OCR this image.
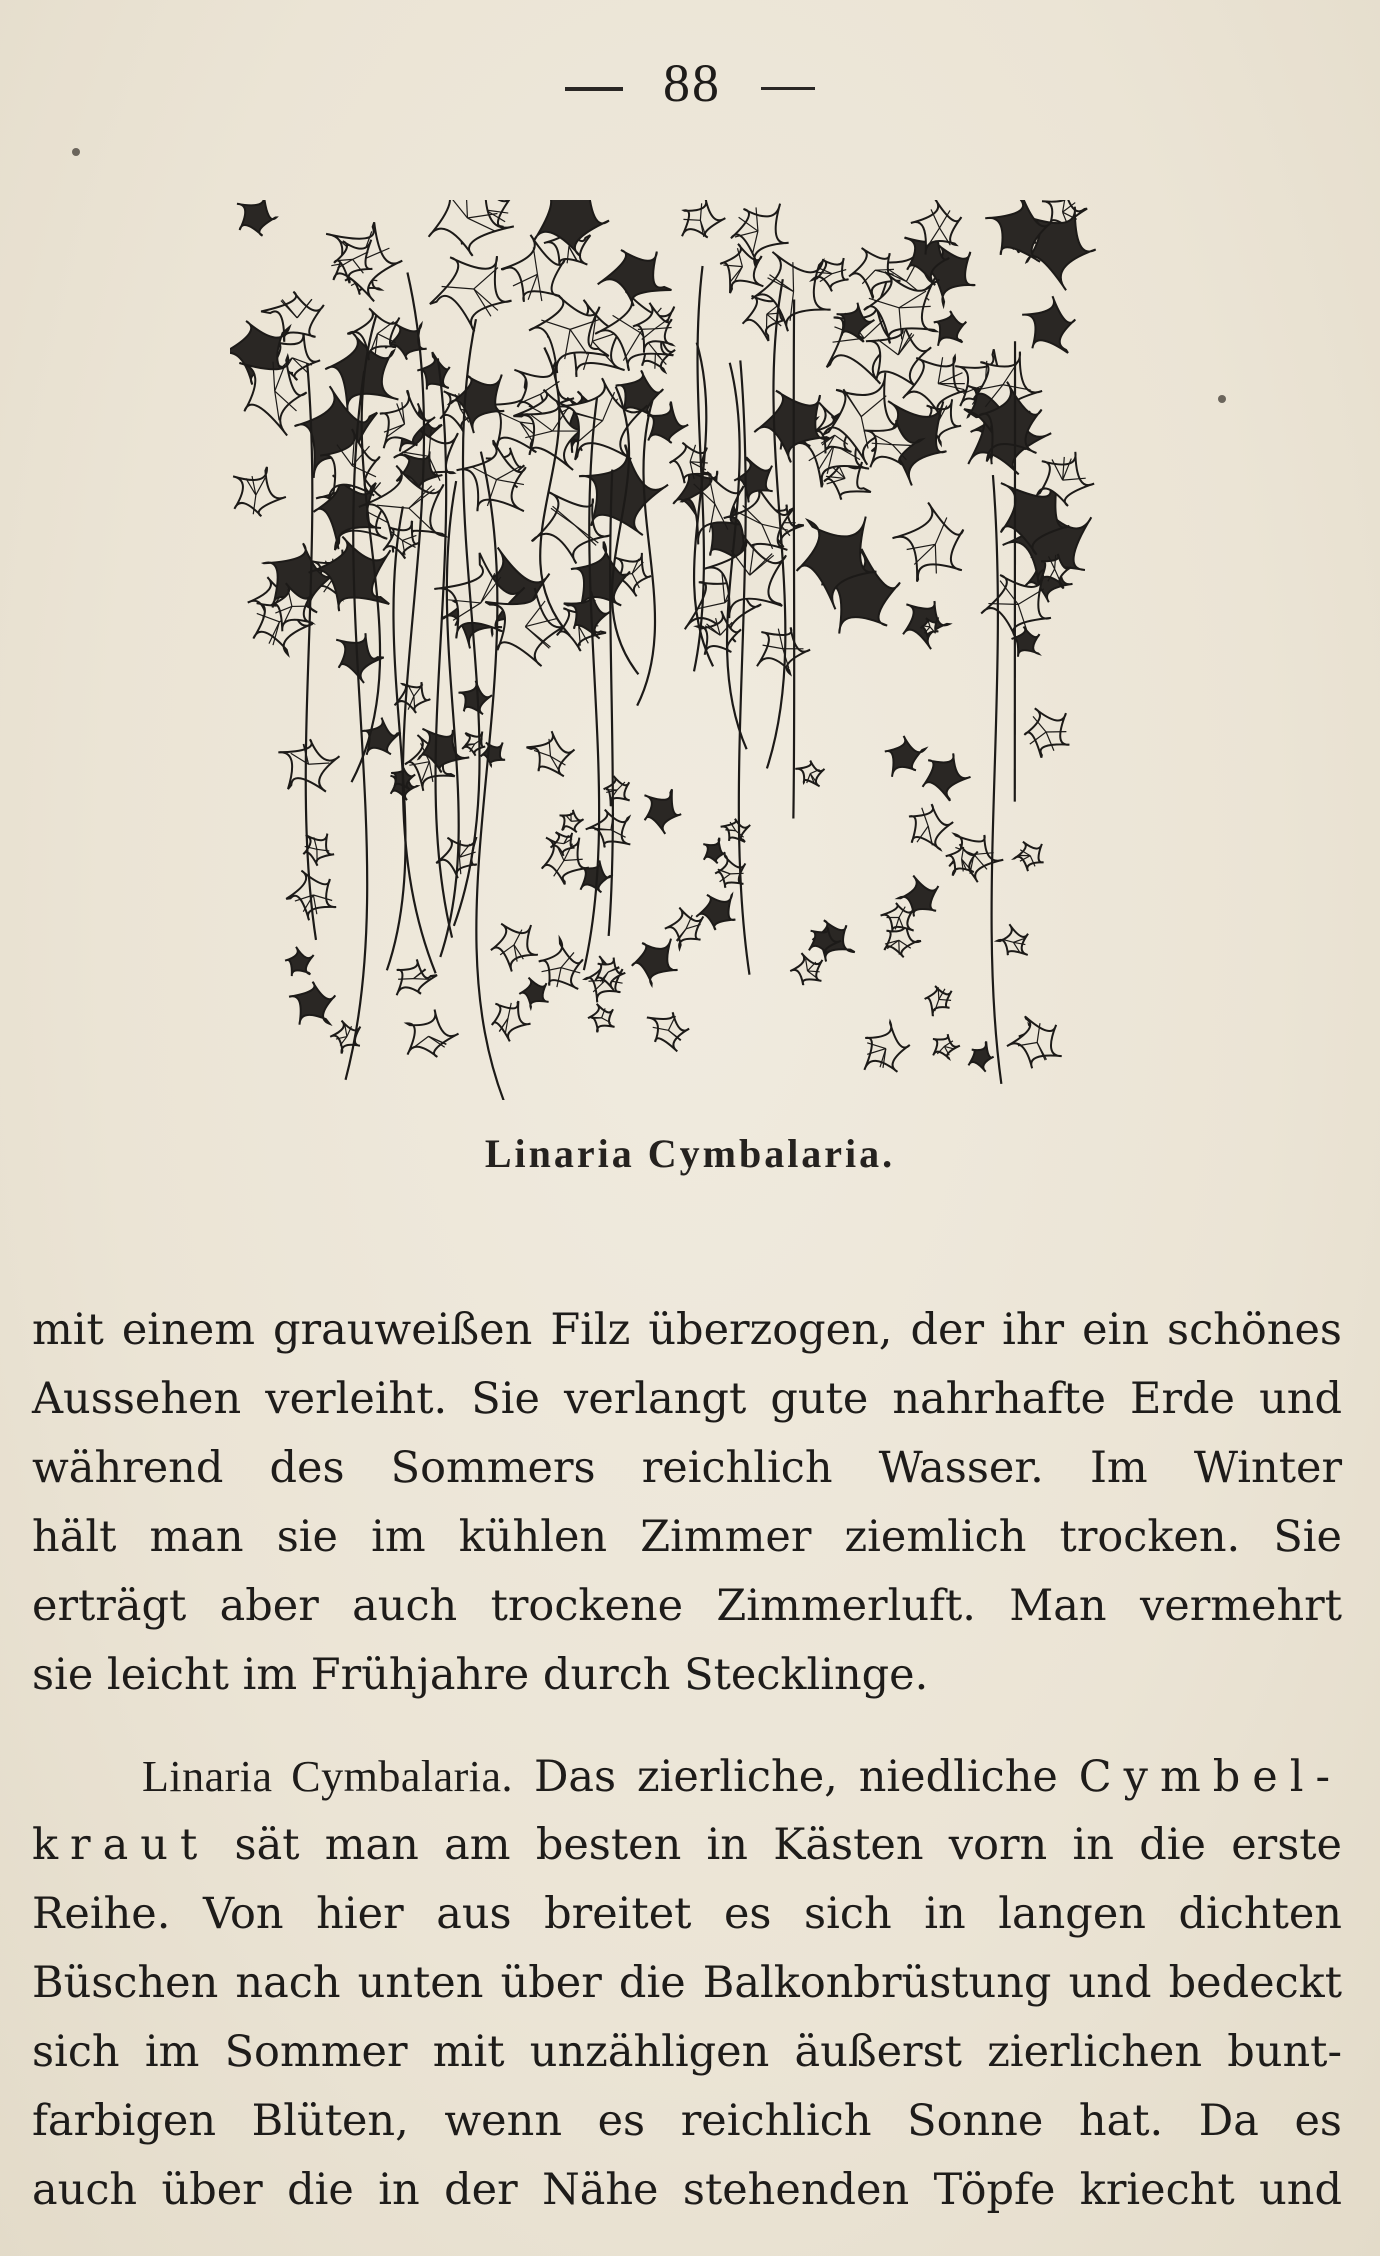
88
Linaria Cymbalaria.
mit einem grauweißen Filz überzogen, der ihr ein schönes
Aussehen verleiht. Sie verlangt gute nahrhafte Erde und
während des Sommers reichlich Wasser. Im Winter
hält man sie im kühlen Zimmer ziemlich trocken. Sie
erträgt aber auch trockene Zimmerluft. Man vermehrt
sie leicht im Frühjahre durch Stecklinge.
Linaria Cymbalaria. Das zierliche, niedliche Cymbel-
kraut sät man am besten in Kästen vorn in die erste
Reihe. Von hier aus breitet es sich in langen dichten
Büschen nach unten über die Balkonbrüstung und bedeckt
sich im Sommer mit unzähligen äußerst zierlichen bunt-
farbigen Blüten, wenn es reichlich Sonne hat. Da es
auch über die in der Nähe stehenden Töpfe kriecht und
